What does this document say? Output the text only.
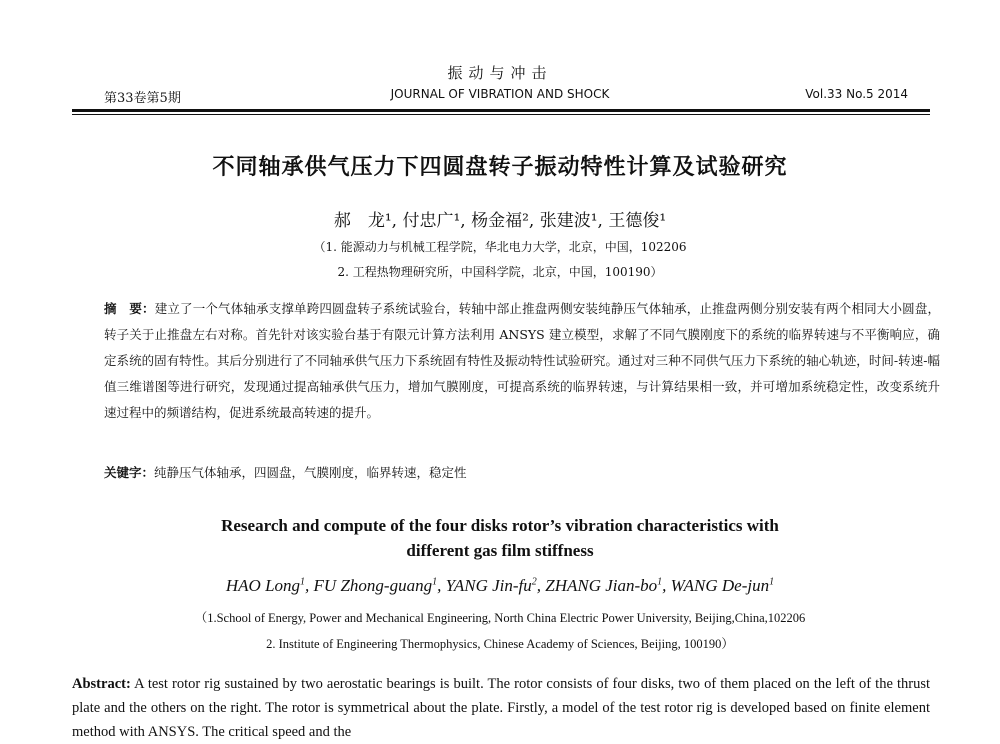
振动与冲击
第33卷第5期	JOURNAL OF VIBRATION AND SHOCK	Vol.33 No.5 2014
不同轴承供气压力下四圆盘转子振动特性计算及试验研究
郝　龙¹, 付忠广¹, 杨金福², 张建波¹, 王德俊¹
（1. 能源动力与机械工程学院，华北电力大学，北京，中国，102206
2. 工程热物理研究所，中国科学院，北京，中国，100190）
摘　要：建立了一个气体轴承支撑单跨四圆盘转子系统试验台，转轴中部止推盘两侧安装纯静压气体轴承，止推盘两侧分别安装有两个相同大小圆盘，转子关于止推盘左右对称。首先针对该实验台基于有限元计算方法利用 ANSYS 建立模型，求解了不同气膜刚度下的系统的临界转速与不平衡响应，确定系统的固有特性。其后分别进行了不同轴承供气压力下系统固有特性及振动特性试验研究。通过对三种不同供气压力下系统的轴心轨迹，时间-转速-幅值三维谱图等进行研究，发现通过提高轴承供气压力，增加气膜刚度，可提高系统的临界转速，与计算结果相一致，并可增加系统稳定性，改变系统升速过程中的频谱结构，促进系统最高转速的提升。
关键字：纯静压气体轴承，四圆盘，气膜刚度，临界转速，稳定性
Research and compute of the four disks rotor’s vibration characteristics with
different gas film stiffness
HAO Long$^1$, FU Zhong-guang$^1$, YANG Jin-$fu^2$, ZHANG Jian-$bo^1$, WANG De-jun$^1$
（1.School of Energy, Power and Mechanical Engineering, North China Electric Power University, Beijing,China,102206
2. Institute of Engineering Thermophysics, Chinese Academy of Sciences, Beijing, 100190）
Abstract: A test rotor rig sustained by two aerostatic bearings is built. The rotor consists of four disks, two of them placed on the left of the thrust plate and the others on the right. The rotor is symmetrical about the plate. Firstly, a model of the test rotor rig is developed based on finite element method with ANSYS. The critical speed and the
